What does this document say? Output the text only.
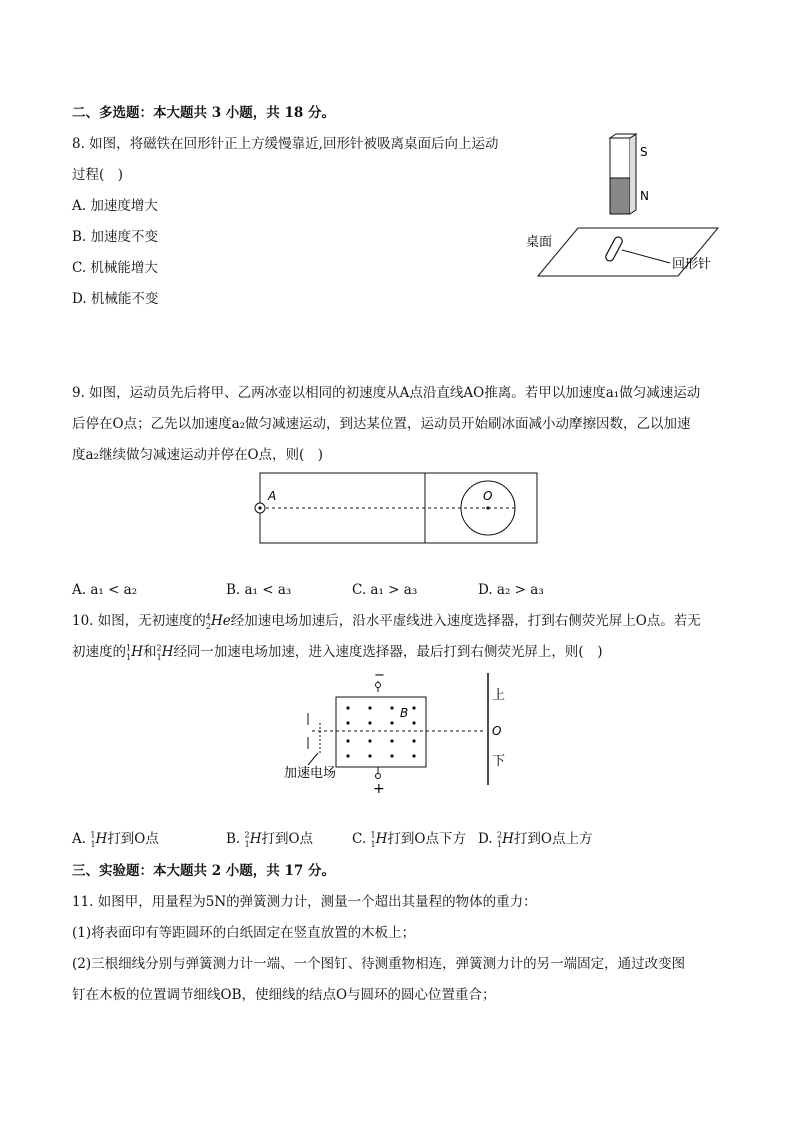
二、多选题：本大题共 3 小题，共 18 分。
8. 如图，将磁铁在回形针正上方缓慢靠近,回形针被吸离桌面后向上运动
过程(　)
A. 加速度增大
B. 加速度不变
C. 机械能增大
D. 机械能不变
S
N
桌面
回形针
9. 如图，运动员先后将甲、乙两冰壶以相同的初速度从A点沿直线AO推离。若甲以加速度a₁做匀减速运动
后停在O点；乙先以加速度a₂做匀减速运动，到达某位置，运动员开始刷冰面减小动摩擦因数，乙以加速
度a₂继续做匀减速运动并停在O点，则(　)
A	O
A. a₁ < a₂	B. a₁ < a₃	C. a₁ > a₃	D. a₂ > a₃
10. 如图，无初速度的$^4_2$He经加速电场加速后，沿水平虚线进入速度选择器，打到右侧荧光屏上O点。若无
初速度的$^1_1$H和$^2_1$H经同一加速电场加速，进入速度选择器，最后打到右侧荧光屏上，则(　)
−
+
B
上
O
下
加速电场
A. $^1_1$H打到O点	B. $^2_1$H打到O点	C. $^1_1$H打到O点下方 D. $^2_1$H打到O点上方
三、实验题：本大题共 2 小题，共 17 分。
11. 如图甲，用量程为5N的弹簧测力计，测量一个超出其量程的物体的重力：
(1)将表面印有等距圆环的白纸固定在竖直放置的木板上；
(2)三根细线分别与弹簧测力计一端、一个图钉、待测重物相连，弹簧测力计的另一端固定，通过改变图
钉在木板的位置调节细线OB，使细线的结点O与圆环的圆心位置重合；
